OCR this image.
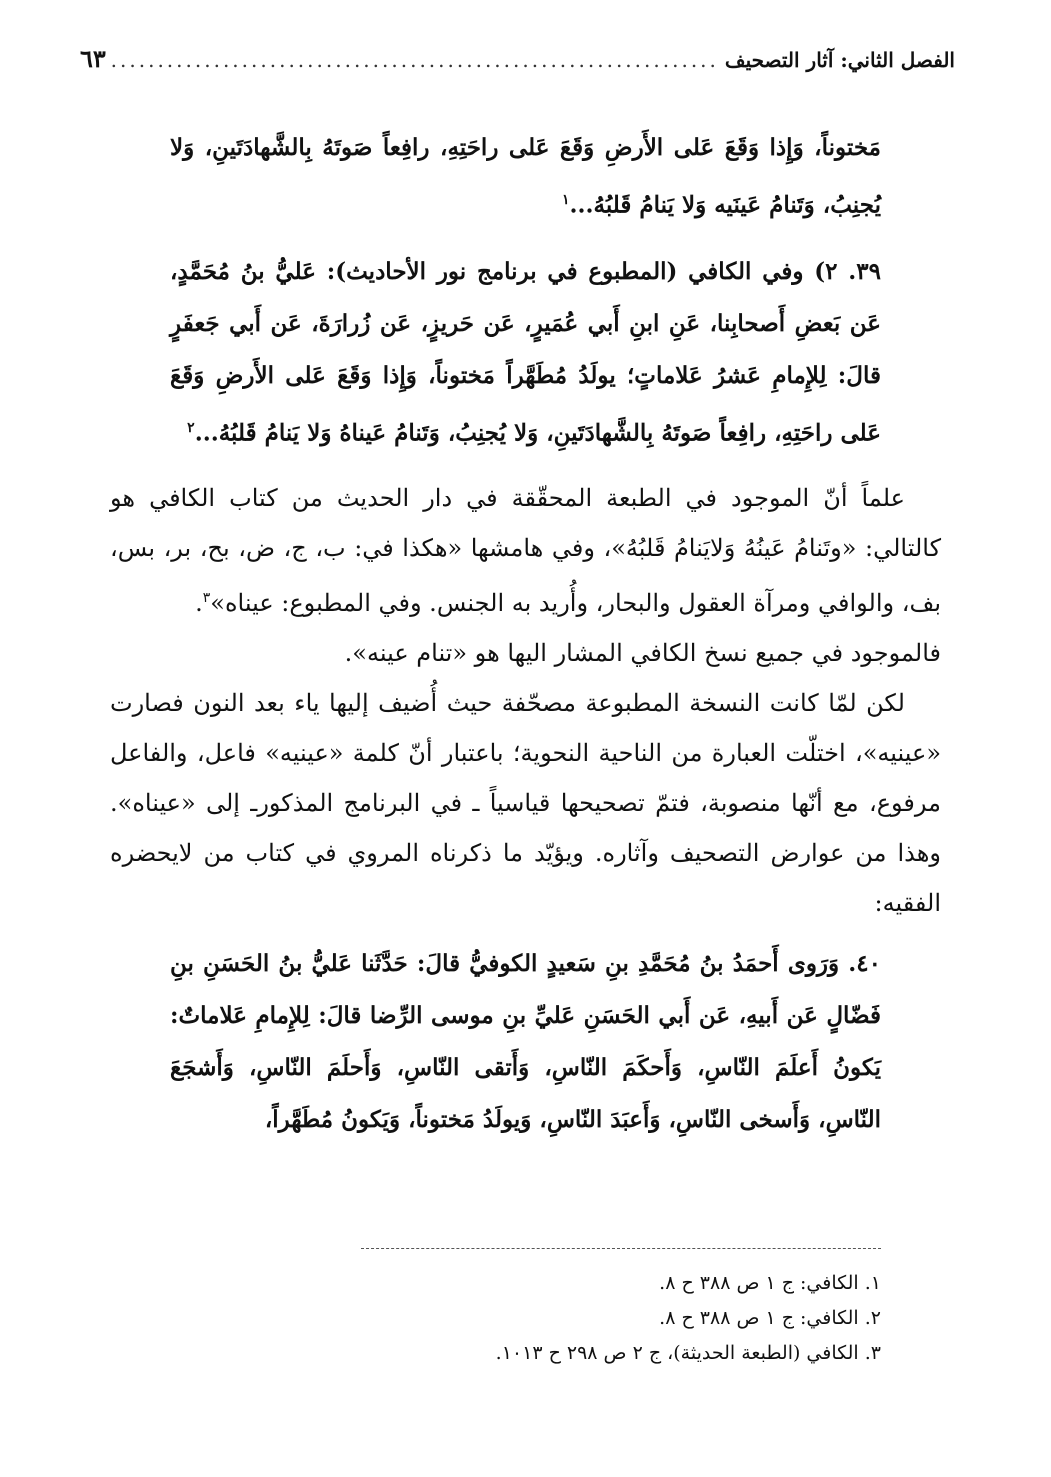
الفصل الثاني: آثار التصحيف
.....
٦٣

مَختوناً، وَإِذا وَقَعَ عَلى الأَرضِ وَقَعَ عَلى راحَتِهِ، رافِعاً صَوتَهُ بِالشَّهادَتَينِ، وَلا يُجنِبُ، وَتَنامُ عَينَيه وَلا يَنامُ قَلبُهُ...$^١$

٣٩. ٢) وفي الكافي (المطبوع في برنامج نور الأحاديث): عَليُّ بنُ مُحَمَّدٍ، عَن بَعضِ أَصحابِنا، عَنِ ابنِ أَبي عُمَيرٍ، عَن حَريزٍ، عَن زُرارَةَ، عَن أَبي جَعفَرٍ‏ قالَ: لِلإِمامِ عَشرُ عَلاماتٍ؛ يولَدُ مُطَهَّراً مَختوناً، وَإِذا وَقَعَ عَلى الأَرضِ وَقَعَ عَلى راحَتِهِ، رافِعاً صَوتَهُ بِالشَّهادَتَينِ، وَلا يُجنِبُ، وَتَنامُ عَيناهُ وَلا يَنامُ قَلبُهُ...$^٢$

علماً أنّ الموجود في الطبعة المحقّقة في دار الحديث من كتاب الكافي هو كالتالي: «وتَنامُ عَينُهُ وَلايَنامُ قَلبُهُ»، وفي هامشها «هكذا في: ب، ج، ض، بح، بر، بس، بف، والوافي ومرآة العقول والبحار، وأُريد به الجنس. وفي المطبوع: عيناه»$^٣$.

فالموجود في جميع نسخ الكافي المشار اليها هو «تنام عينه».

لكن لمّا كانت النسخة المطبوعة مصحّفة حيث أُضيف إليها ياء بعد النون فصارت «عينيه»، اختلّت العبارة من الناحية النحوية؛ باعتبار أنّ كلمة «عينيه» فاعل، والفاعل مرفوع، مع أنّها منصوبة، فتمّ تصحيحها قياسياً ـ في البرنامج المذكورـ إلى «عيناه». وهذا من عوارض التصحيف وآثاره. ويؤيّد ما ذكرناه المروي في كتاب من لايحضره الفقيه:

٤٠. وَرَوى أَحمَدُ بنُ مُحَمَّدِ بنِ سَعيدٍ الكوفيُّ قالَ: حَدَّثَنا عَليُّ بنُ الحَسَنِ بنِ فَضّالٍ عَن أَبيهِ، عَن أَبي الحَسَنِ عَليِّ بنِ موسى الرِّضا‏ قالَ: لِلإِمامِ عَلاماتٌ: يَكونُ أَعلَمَ النّاسِ، وَأَحكَمَ النّاسِ، وَأَتقى النّاسِ، وَأَحلَمَ النّاسِ، وَأَشجَعَ النّاسِ، وَأَسخى النّاسِ، وَأَعبَدَ النّاسِ، وَيولَدُ مَختوناً، وَيَكونُ مُطَهَّراً،

١. الكافي: ج ١ ص ٣٨٨ ح ٨.
٢. الكافي: ج ١ ص ٣٨٨ ح ٨.
٣. الكافي (الطبعة الحديثة)، ج ٢ ص ٢٩٨ ح ١٠١٣.
